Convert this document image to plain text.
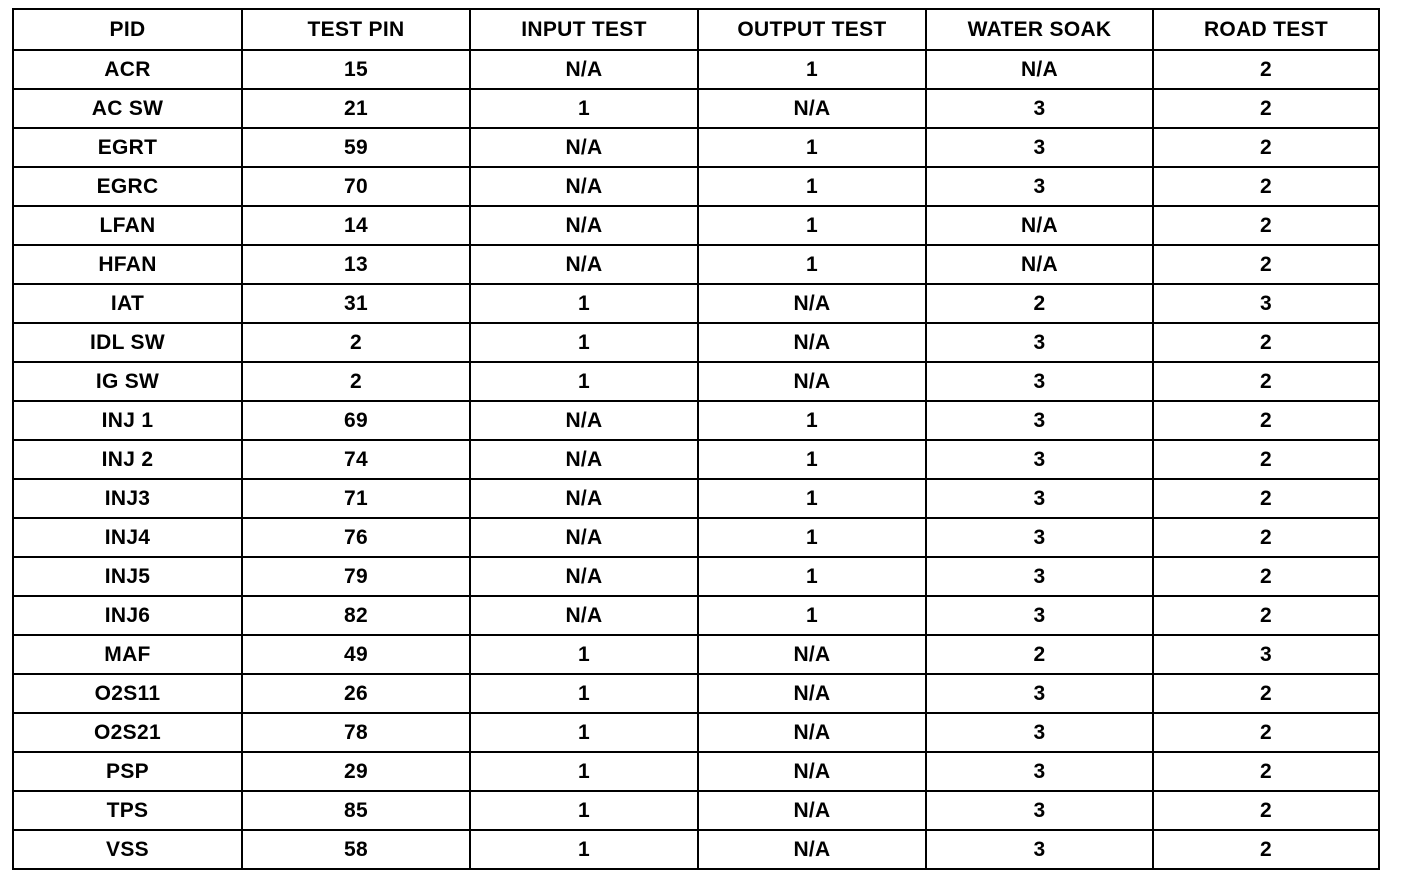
PID	TEST PIN	INPUT TEST	OUTPUT TEST	WATER SOAK	ROAD TEST
ACR	15	N/A	1	N/A	2
AC SW	21	1	N/A	3	2
EGRT	59	N/A	1	3	2
EGRC	70	N/A	1	3	2
LFAN	14	N/A	1	N/A	2
HFAN	13	N/A	1	N/A	2
IAT	31	1	N/A	2	3
IDL SW	2	1	N/A	3	2
IG SW	2	1	N/A	3	2
INJ 1	69	N/A	1	3	2
INJ 2	74	N/A	1	3	2
INJ3	71	N/A	1	3	2
INJ4	76	N/A	1	3	2
INJ5	79	N/A	1	3	2
INJ6	82	N/A	1	3	2
MAF	49	1	N/A	2	3
O2S11	26	1	N/A	3	2
O2S21	78	1	N/A	3	2
PSP	29	1	N/A	3	2
TPS	85	1	N/A	3	2
VSS	58	1	N/A	3	2
